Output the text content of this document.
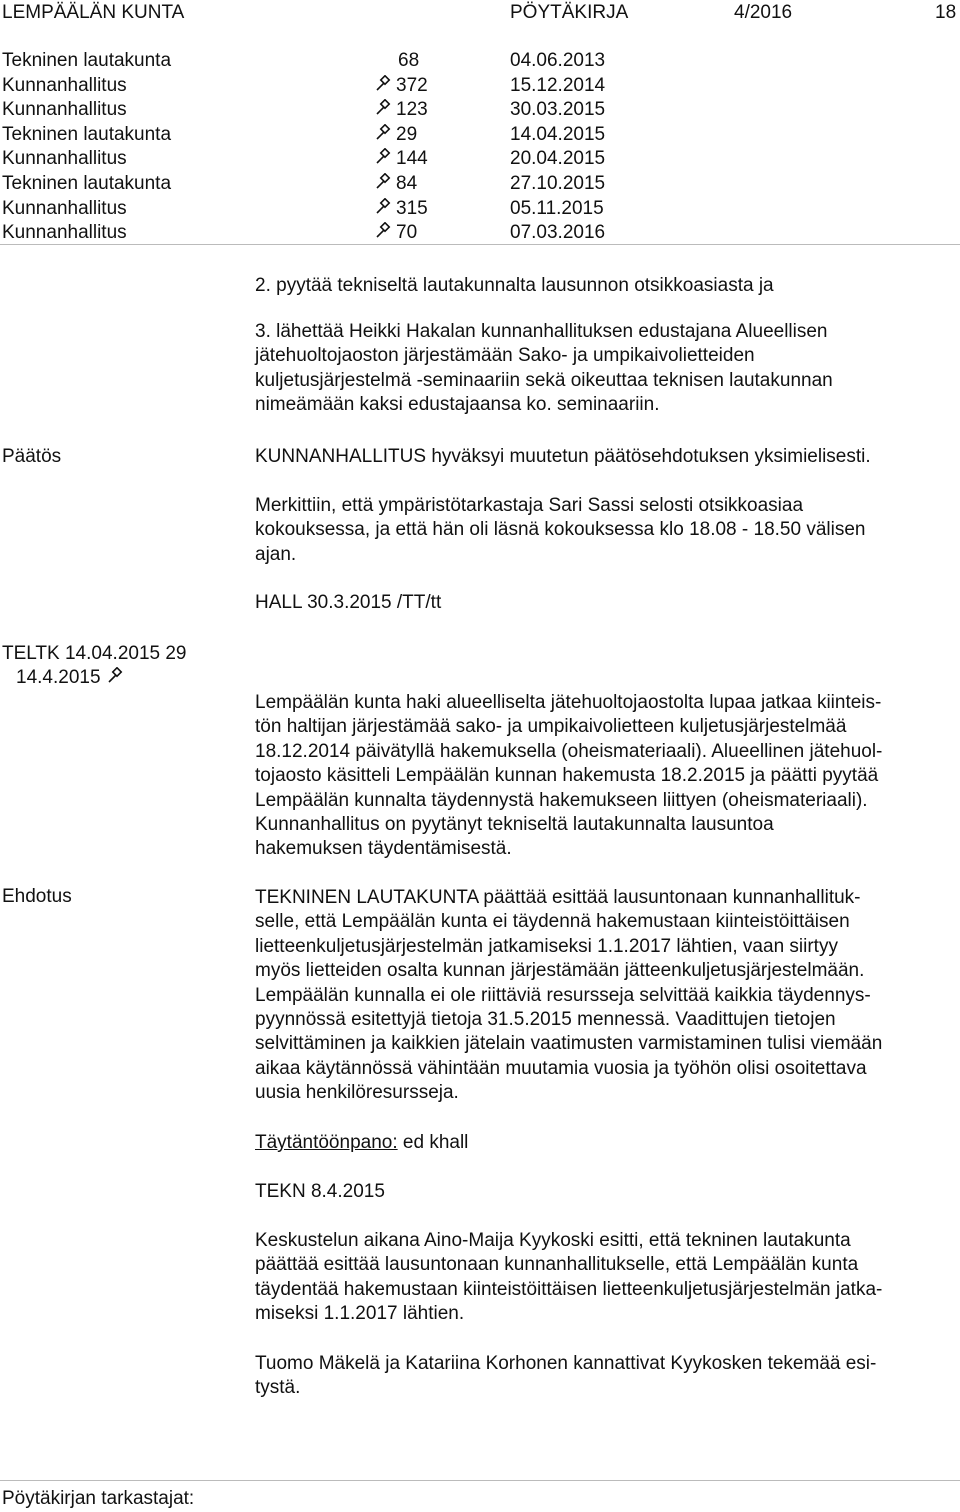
LEMPÄÄLÄN KUNTA	PÖYTÄKIRJA	4/2016	18
Tekninen lautakunta	68	04.06.2013
Kunnanhallitus	372	15.12.2014
Kunnanhallitus	123	30.03.2015
Tekninen lautakunta	29	14.04.2015
Kunnanhallitus	144	20.04.2015
Tekninen lautakunta	84	27.10.2015
Kunnanhallitus	315	05.11.2015
Kunnanhallitus	70	07.03.2016
2. pyytää tekniseltä lautakunnalta lausunnon otsikkoasiasta ja

3. lähettää Heikki Hakalan kunnanhallituksen edustajana Alueellisen

jätehuoltojaoston järjestämään Sako- ja umpikaivolietteiden

kuljetusjärjestelmä -seminaariin sekä oikeuttaa teknisen lautakunnan

nimeämään kaksi edustajaansa ko. seminaariin.

Päätös	KUNNANHALLITUS hyväksyi muutetun päätösehdotuksen yksimielisesti.

Merkittiin, että ympäristötarkastaja Sari Sassi selosti otsikkoasiaa

kokouksessa, ja että hän oli läsnä kokouksessa klo 18.08 - 18.50 välisen

ajan.

HALL 30.3.2015 /TT/tt
TELTK 14.04.2015 29
14.4.2015

Lempäälän kunta haki alueelliselta jätehuoltojaostolta lupaa jatkaa kiinteis-

tön haltijan järjestämää sako- ja umpikaivolietteen kuljetusjärjestelmää

18.12.2014 päivätyllä hakemuksella (oheismateriaali). Alueellinen jätehuol-

tojaosto käsitteli Lempäälän kunnan hakemusta 18.2.2015 ja päätti pyytää

Lempäälän kunnalta täydennystä hakemukseen liittyen (oheismateriaali).

Kunnanhallitus on pyytänyt tekniseltä lautakunnalta lausuntoa

hakemuksen täydentämisestä.

Ehdotus	TEKNINEN LAUTAKUNTA päättää esittää lausuntonaan kunnanhallituk-

selle, että Lempäälän kunta ei täydennä hakemustaan kiinteistöittäisen

lietteenkuljetusjärjestelmän jatkamiseksi 1.1.2017 lähtien, vaan siirtyy

myös lietteiden osalta kunnan järjestämään jätteenkuljetusjärjestelmään.

Lempäälän kunnalla ei ole riittäviä resursseja selvittää kaikkia täydennys-

pyynnössä esitettyjä tietoja 31.5.2015 mennessä. Vaadittujen tietojen

selvittäminen ja kaikkien jätelain vaatimusten varmistaminen tulisi viemään

aikaa käytännössä vähintään muutamia vuosia ja työhön olisi osoitettava

uusia henkilöresursseja.

Täytäntöönpano: ed khall
TEKN 8.4.2015

Keskustelun aikana Aino-Maija Kyykoski esitti, että tekninen lautakunta

päättää esittää lausuntonaan kunnanhallitukselle, että Lempäälän kunta

täydentää hakemustaan kiinteistöittäisen lietteenkuljetusjärjestelmän jatka-

miseksi 1.1.2017 lähtien.

Tuomo Mäkelä ja Katariina Korhonen kannattivat Kyykosken tekemää esi-

tystä.

Pöytäkirjan tarkastajat:
